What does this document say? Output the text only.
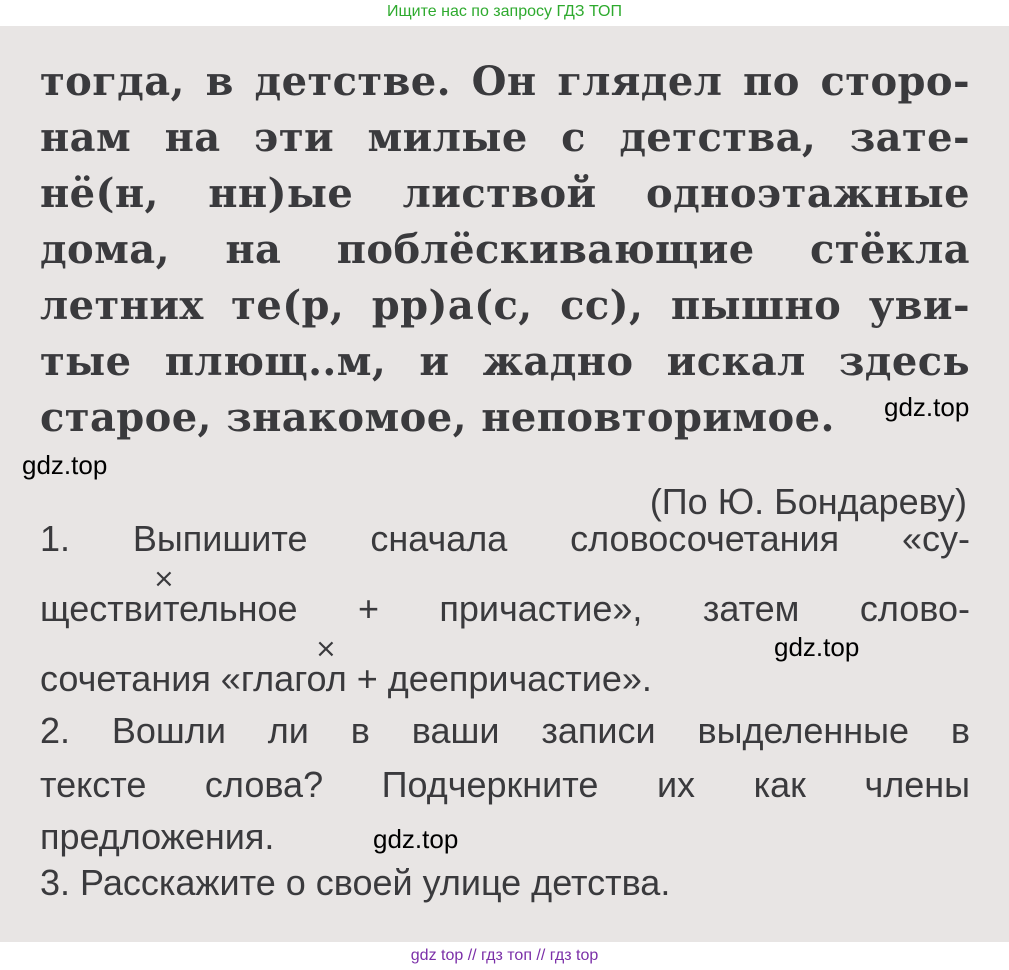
Ищите нас по запросу ГДЗ ТОП
тогда, в детстве. Он глядел по сторо-
нам на эти милые с детства, зате-
нё(н, нн)ые листвой одноэтажные
дома, на поблёскивающие стёкла
летних те(р, рр)а(с, сс), пышно уви-
тые плющ..м, и жадно искал здесь
старое, знакомое, неповторимое.
(По Ю. Бондареву)
1. Выпишите сначала словосочетания «су-
ществительное + причастие», затем слово-
сочетания «глагол + деепричастие».
2. Вошли ли в ваши записи выделенные в
тексте слова? Подчеркните их как члены
предложения.
3. Расскажите о своей улице детства.
×
×
gdz.top
gdz.top
gdz.top
gdz.top
gdz top // гдз топ // гдз top
